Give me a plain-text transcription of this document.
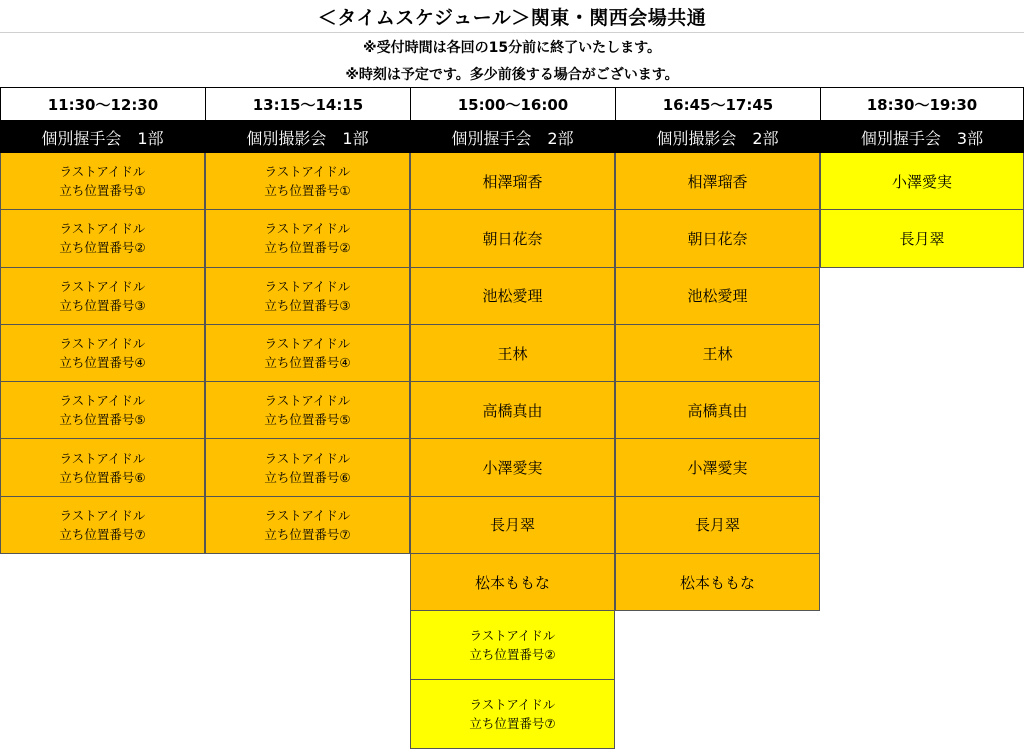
＜タイムスケジュール＞関東・関西会場共通
※受付時間は各回の15分前に終了いたします。
※時刻は予定です。多少前後する場合がございます。
11:30～12:30
個別握手会　1部
ラストアイドル
立ち位置番号①
ラストアイドル
立ち位置番号②
ラストアイドル
立ち位置番号③
ラストアイドル
立ち位置番号④
ラストアイドル
立ち位置番号⑤
ラストアイドル
立ち位置番号⑥
ラストアイドル
立ち位置番号⑦
13:15～14:15
個別撮影会　1部
ラストアイドル
立ち位置番号①
ラストアイドル
立ち位置番号②
ラストアイドル
立ち位置番号③
ラストアイドル
立ち位置番号④
ラストアイドル
立ち位置番号⑤
ラストアイドル
立ち位置番号⑥
ラストアイドル
立ち位置番号⑦
15:00～16:00
個別握手会　2部
相澤瑠香
朝日花奈
池松愛理
王林
高橋真由
小澤愛実
長月翠
松本ももな
ラストアイドル
立ち位置番号②
ラストアイドル
立ち位置番号⑦
16:45～17:45
個別撮影会　2部
相澤瑠香
朝日花奈
池松愛理
王林
高橋真由
小澤愛実
長月翠
松本ももな
18:30～19:30
個別握手会　3部
小澤愛実
長月翠
